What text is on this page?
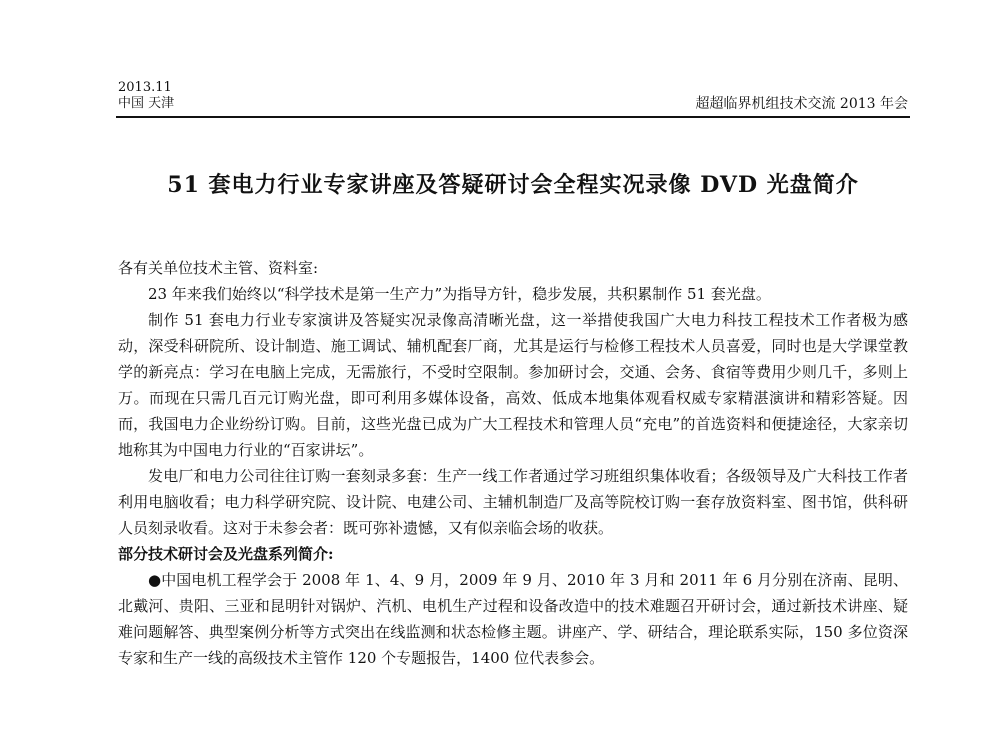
2013.11
中国 天津	超超临界机组技术交流 2013 年会
51 套电力行业专家讲座及答疑研讨会全程实况录像 DVD 光盘简介

各有关单位技术主管、资料室:

23 年来我们始终以“科学技术是第一生产力”为指导方针，稳步发展，共积累制作 51 套光盘。

制作 51 套电力行业专家演讲及答疑实况录像高清晰光盘，这一举措使我国广大电力科技工程技术工作者极为感动，深受科研院所、设计制造、施工调试、辅机配套厂商，尤其是运行与检修工程技术人员喜爱，同时也是大学课堂教学的新亮点：学习在电脑上完成，无需旅行，不受时空限制。参加研讨会，交通、会务、食宿等费用少则几千，多则上万。而现在只需几百元订购光盘，即可利用多媒体设备，高效、低成本地集体观看权威专家精湛演讲和精彩答疑。因而，我国电力企业纷纷订购。目前，这些光盘已成为广大工程技术和管理人员“充电”的首选资料和便捷途径，大家亲切地称其为中国电力行业的“百家讲坛”。

发电厂和电力公司往往订购一套刻录多套：生产一线工作者通过学习班组织集体收看；各级领导及广大科技工作者利用电脑收看；电力科学研究院、设计院、电建公司、主辅机制造厂及高等院校订购一套存放资料室、图书馆，供科研人员刻录收看。这对于未参会者：既可弥补遗憾，又有似亲临会场的收获。

部分技术研讨会及光盘系列简介:

●中国电机工程学会于 2008 年 1、4、9 月，2009 年 9 月、2010 年 3 月和 2011 年 6 月分别在济南、昆明、北戴河、贵阳、三亚和昆明针对锅炉、汽机、电机生产过程和设备改造中的技术难题召开研讨会，通过新技术讲座、疑难问题解答、典型案例分析等方式突出在线监测和状态检修主题。讲座产、学、研结合，理论联系实际，150 多位资深专家和生产一线的高级技术主管作 120 个专题报告，1400 位代表参会。
